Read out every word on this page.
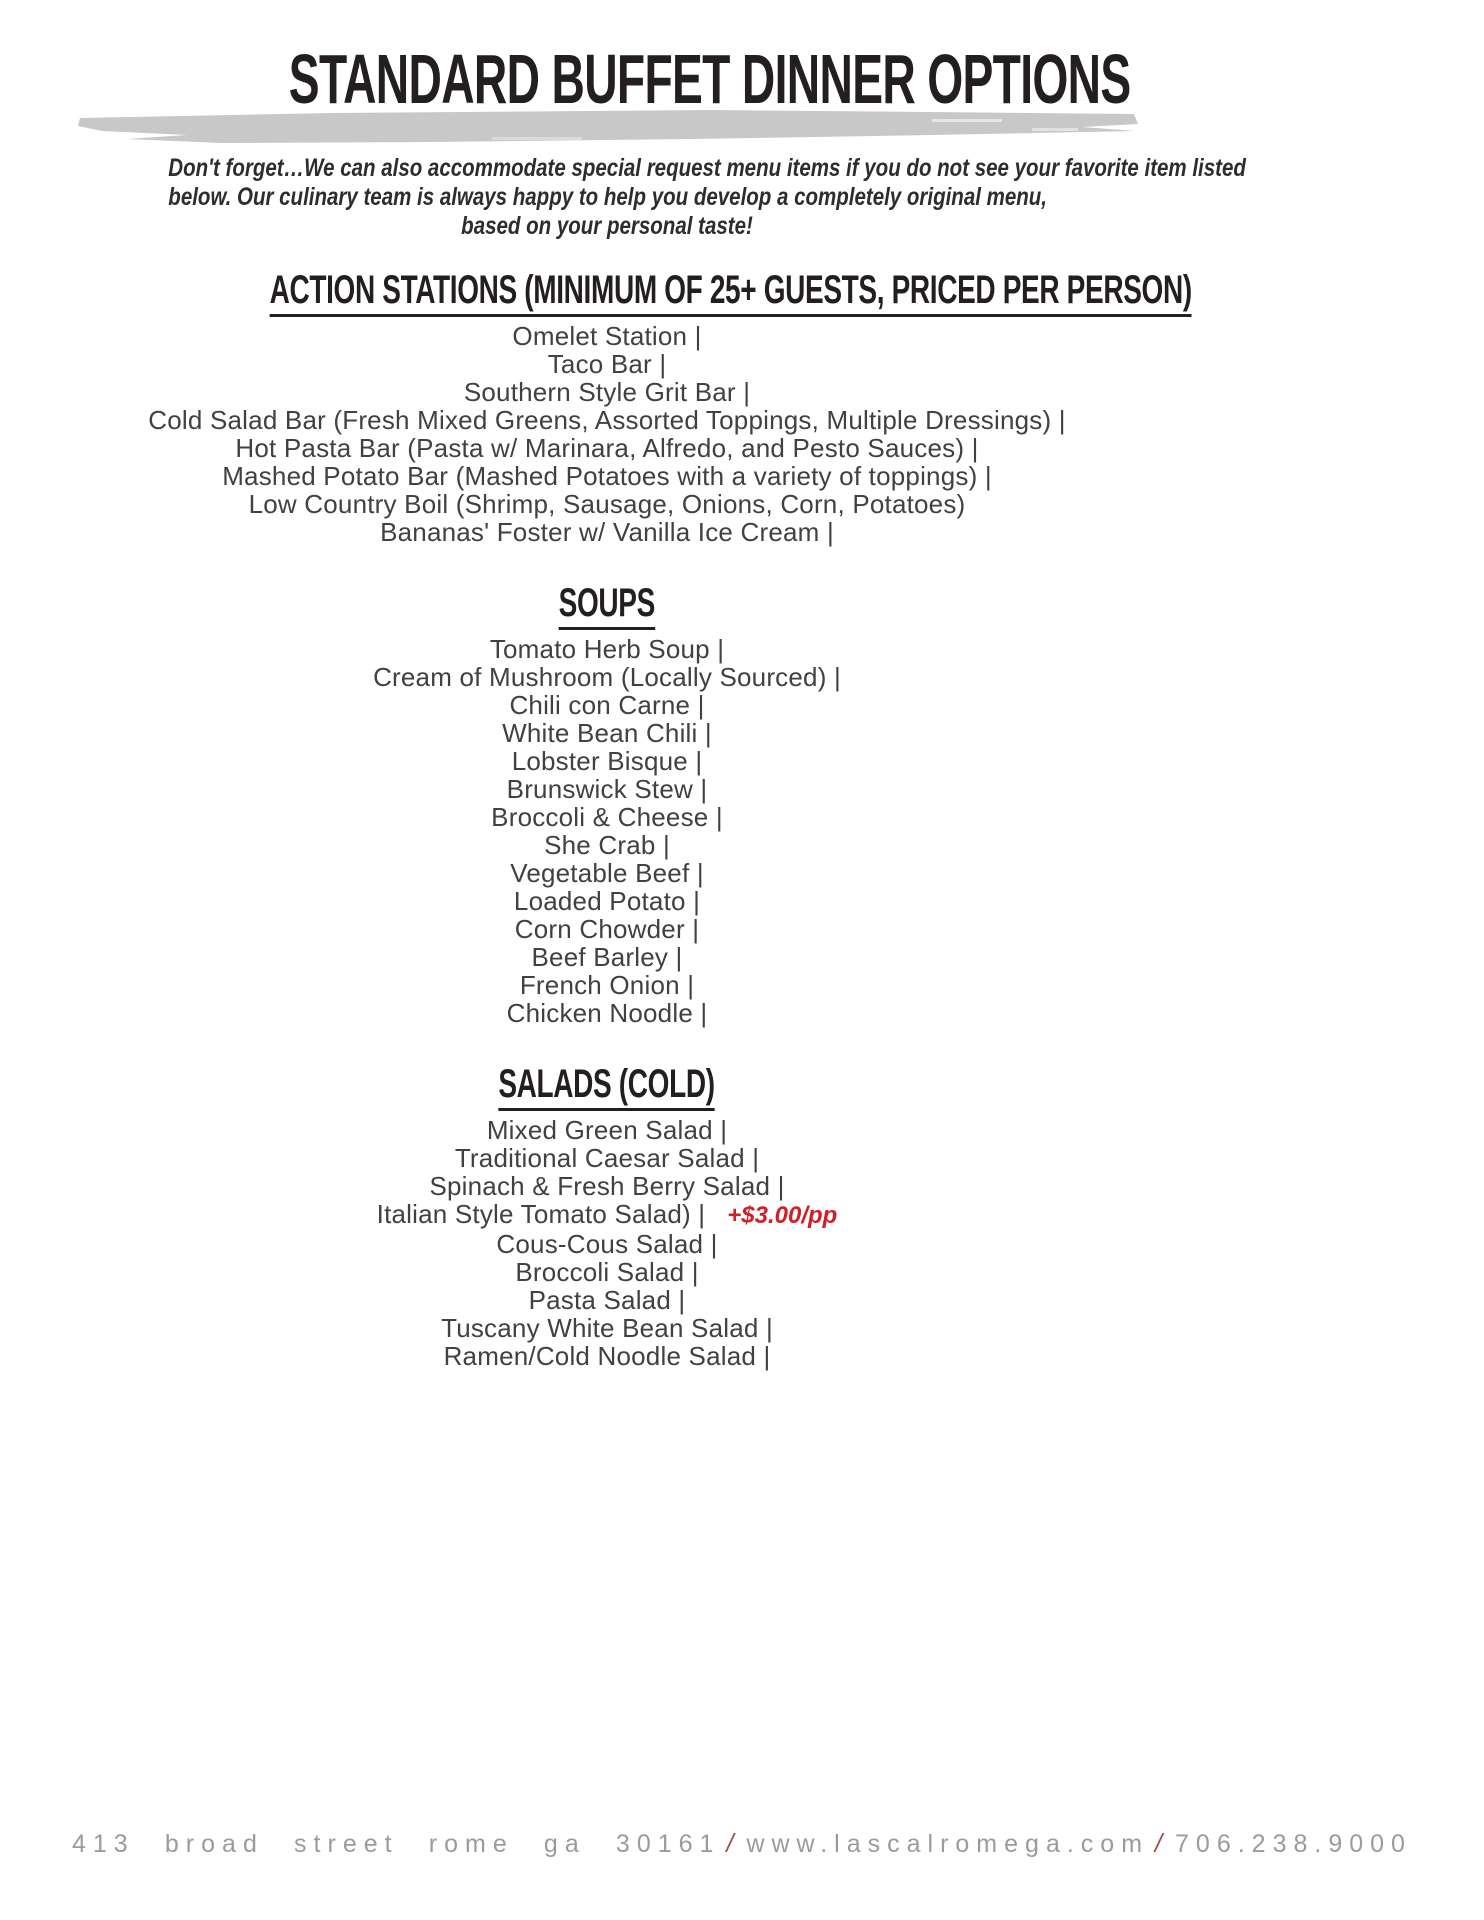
STANDARD BUFFET DINNER OPTIONS
Don't forget…We can also accommodate special request menu items if you do not see your favorite item listed
below. Our culinary team is always happy to help you develop a completely original menu,
based on your personal taste!
ACTION STATIONS (MINIMUM OF 25+ GUESTS, PRICED PER PERSON)
Omelet Station |
Taco Bar |
Southern Style Grit Bar |
Cold Salad Bar (Fresh Mixed Greens, Assorted Toppings, Multiple Dressings) |
Hot Pasta Bar (Pasta w/ Marinara, Alfredo, and Pesto Sauces) |
Mashed Potato Bar (Mashed Potatoes with a variety of toppings) |
Low Country Boil (Shrimp, Sausage, Onions, Corn, Potatoes)
Bananas' Foster w/ Vanilla Ice Cream |
SOUPS
Tomato Herb Soup |
Cream of Mushroom (Locally Sourced) |
Chili con Carne |
White Bean Chili |
Lobster Bisque |
Brunswick Stew |
Broccoli & Cheese |
She Crab |
Vegetable Beef |
Loaded Potato |
Corn Chowder |
Beef Barley |
French Onion |
Chicken Noodle |
SALADS (COLD)
Mixed Green Salad |
Traditional Caesar Salad |
Spinach & Fresh Berry Salad |
Italian Style Tomato Salad) | +$3.00/pp
Cous-Cous Salad |
Broccoli Salad |
Pasta Salad |
Tuscany White Bean Salad |
Ramen/Cold Noodle Salad |
413 broad street rome ga 30161 / www.lascalromega.com / 706.238.9000
